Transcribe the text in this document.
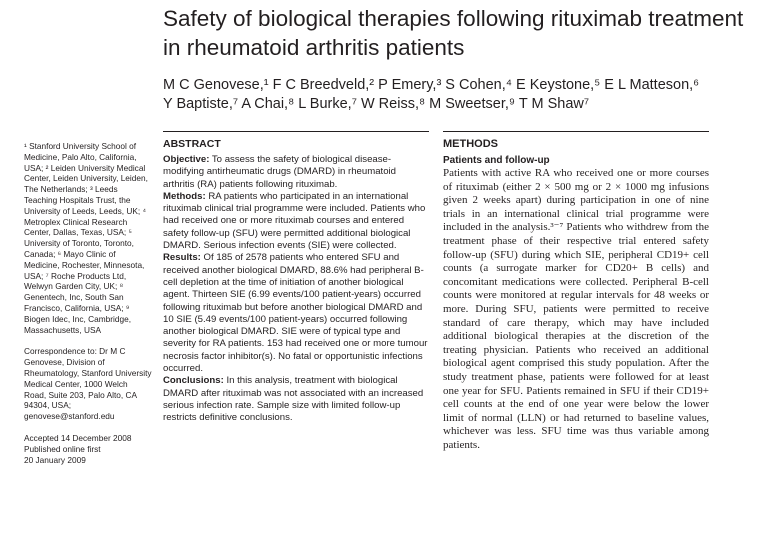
Safety of biological therapies following rituximab treatment in rheumatoid arthritis patients
M C Genovese,¹ F C Breedveld,² P Emery,³ S Cohen,⁴ E Keystone,⁵ E L Matteson,⁶
Y Baptiste,⁷ A Chai,⁸ L Burke,⁷ W Reiss,⁸ M Sweetser,⁹ T M Shaw⁷

¹ Stanford University School of Medicine, Palo Alto, California, USA; ² Leiden University Medical Center, Leiden University, Leiden, The Netherlands; ³ Leeds Teaching Hospitals Trust, the University of Leeds, Leeds, UK; ⁴ Metroplex Clinical Research Center, Dallas, Texas, USA; ⁵ University of Toronto, Toronto, Canada; ⁶ Mayo Clinic of Medicine, Rochester, Minnesota, USA; ⁷ Roche Products Ltd, Welwyn Garden City, UK; ⁸ Genentech, Inc, South San Francisco, California, USA; ⁹ Biogen Idec, Inc, Cambridge, Massachusetts, USA

Correspondence to: Dr M C Genovese, Division of Rheumatology, Stanford University Medical Center, 1000 Welch Road, Suite 203, Palo Alto, CA 94304, USA; genovese@stanford.edu

Accepted 14 December 2008

Published online first

20 January 2009

ABSTRACT

Objective: To assess the safety of biological disease-modifying antirheumatic drugs (DMARD) in rheumatoid arthritis (RA) patients following rituximab.

Methods: RA patients who participated in an international rituximab clinical trial programme were included. Patients who had received one or more rituximab courses and entered safety follow-up (SFU) were permitted additional biological DMARD. Serious infection events (SIE) were collected.

Results: Of 185 of 2578 patients who entered SFU and received another biological DMARD, 88.6% had peripheral B-cell depletion at the time of initiation of another biological agent. Thirteen SIE (6.99 events/100 patient-years) occurred following rituximab but before another biological DMARD and 10 SIE (5.49 events/100 patient-years) occurred following another biological DMARD. SIE were of typical type and severity for RA patients. 153 had received one or more tumour necrosis factor inhibitor(s). No fatal or opportunistic infections occurred.

Conclusions: In this analysis, treatment with biological DMARD after rituximab was not associated with an increased serious infection rate. Sample size with limited follow-up restricts definitive conclusions.

METHODS
Patients and follow-up

Patients with active RA who received one or more courses of rituximab (either 2 × 500 mg or 2 × 1000 mg infusions given 2 weeks apart) during participation in one of nine trials in an international clinical trial programme were included in the analysis.³⁻⁷ Patients who withdrew from the treatment phase of their respective trial entered safety follow-up (SFU) during which SIE, peripheral CD19+ cell counts (a surrogate marker for CD20+ B cells) and concomitant medications were collected. Peripheral B-cell counts were monitored at regular intervals for 48 weeks or more. During SFU, patients were permitted to receive standard of care therapy, which may have included additional biological therapies at the discretion of the treating physician. Patients who received an additional biological agent comprised this study population. After the study treatment phase, patients were followed for at least one year for SFU. Patients remained in SFU if their CD19+ cell counts at the end of one year were below the lower limit of normal (LLN) or had returned to baseline values, whichever was less. SFU time was thus variable among patients.
